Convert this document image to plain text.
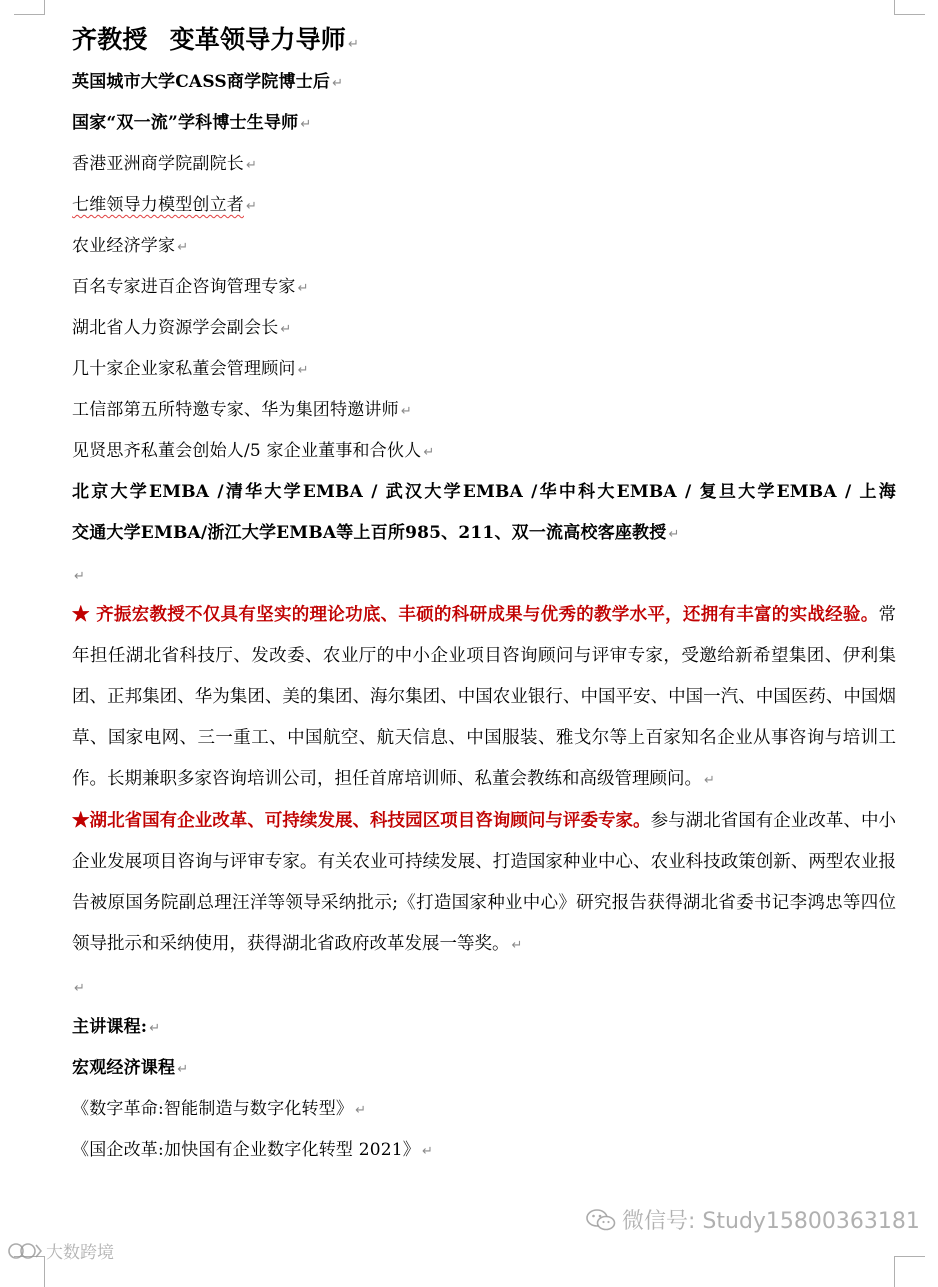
齐教授 变革领导力导师 ↵
英国城市大学CASS商学院博士后 ↵
国家“双一流”学科博士生导师 ↵
香港亚洲商学院副院长 ↵
七维领导力模型创立者 ↵
农业经济学家 ↵
百名专家进百企咨询管理专家 ↵
湖北省人力资源学会副会长 ↵
几十家企业家私董会管理顾问 ↵
工信部第五所特邀专家、华为集团特邀讲师 ↵
见贤思齐私董会创始人/5 家企业董事和合伙人 ↵
北京大学EMBA /清华大学EMBA / 武汉大学EMBA /华中科大EMBA / 复旦大学EMBA / 上海
交通大学EMBA/浙江大学EMBA等上百所985、211、双一流高校客座教授 ↵
↵
★ 齐振宏教授不仅具有坚实的理论功底、丰硕的科研成果与优秀的教学水平，还拥有丰富的实战经验。常年担任湖北省科技厅、发改委、农业厅的中小企业项目咨询顾问与评审专家，受邀给新希望集团、伊利集团、正邦集团、华为集团、美的集团、海尔集团、中国农业银行、中国平安、中国一汽、中国医药、中国烟草、国家电网、三一重工、中国航空、航天信息、中国服装、雅戈尔等上百家知名企业从事咨询与培训工作。长期兼职多家咨询培训公司，担任首席培训师、私董会教练和高级管理顾问。 ↵
★湖北省国有企业改革、可持续发展、科技园区项目咨询顾问与评委专家。参与湖北省国有企业改革、中小企业发展项目咨询与评审专家。有关农业可持续发展、打造国家种业中心、农业科技政策创新、两型农业报告被原国务院副总理汪洋等领导采纳批示;《打造国家种业中心》研究报告获得湖北省委书记李鸿忠等四位领导批示和采纳使用，获得湖北省政府改革发展一等奖。 ↵
↵
主讲课程: ↵
宏观经济课程 ↵
《数字革命:智能制造与数字化转型》 ↵
《国企改革:加快国有企业数字化转型 2021》 ↵
微信号: Study15800363181
大数跨境
